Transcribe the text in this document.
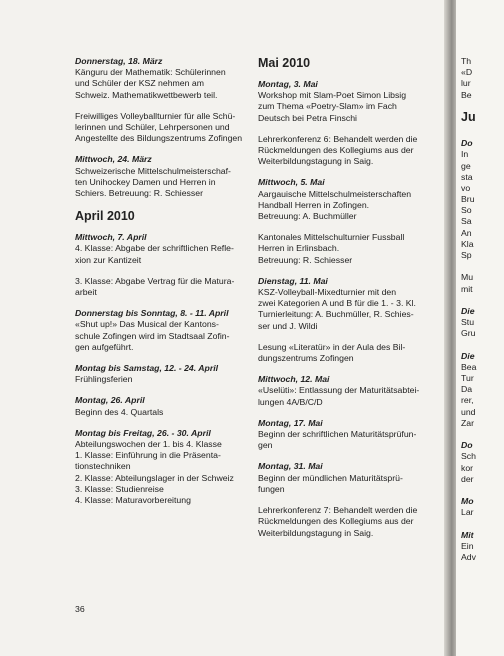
Th
«D
lur
Be
Ju
Do
In
ge
sta
vo
Bru
So
Sa
An
Kla
Sp
Mu
mit
Die
Stu
Gru
Die
Bea
Tur
Da
rer,
und
Zar
Do
Sch
kor
der
Mo
Lar
Mit
Ein
Adv
Donnerstag, 18. März
Känguru der Mathematik: Schülerinnen
und Schüler der KSZ nehmen am
Schweiz. Mathematikwettbewerb teil.
Freiwilliges Volleyballturnier für alle Schü-
lerinnen und Schüler, Lehrpersonen und
Angestellte des Bildungszentrums Zofingen
Mittwoch, 24. März
Schweizerische Mittelschulmeisterschaf-
ten Unihockey Damen und Herren in
Schiers. Betreuung: R. Schiesser
April 2010
Mittwoch, 7. April
4. Klasse: Abgabe der schriftlichen Refle-
xion zur Kantizeit
3. Klasse: Abgabe Vertrag für die Matura-
arbeit
Donnerstag bis Sonntag, 8. - 11. April
«Shut up!» Das Musical der Kantons-
schule Zofingen wird im Stadtsaal Zofin-
gen aufgeführt.
Montag bis Samstag, 12. - 24. April
Frühlingsferien
Montag, 26. April
Beginn des 4. Quartals
Montag bis Freitag, 26. - 30. April
Abteilungswochen der 1. bis 4. Klasse
1. Klasse: Einführung in die Präsenta-
tionstechniken
2. Klasse: Abteilungslager in der Schweiz
3. Klasse: Studienreise
4. Klasse: Maturavorbereitung
Mai 2010
Montag, 3. Mai
Workshop mit Slam-Poet Simon Libsig
zum Thema «Poetry-Slam» im Fach
Deutsch bei Petra Finschi
Lehrerkonferenz 6: Behandelt werden die
Rückmeldungen des Kollegiums aus der
Weiterbildungstagung in Saig.
Mittwoch, 5. Mai
Aargauische Mittelschulmeisterschaften
Handball Herren in Zofingen.
Betreuung: A. Buchmüller
Kantonales Mittelschulturnier Fussball
Herren in Erlinsbach.
Betreuung: R. Schiesser
Dienstag, 11. Mai
KSZ-Volleyball-Mixedturnier mit den
zwei Kategorien A und B für die 1. - 3. Kl.
Turnierleitung: A. Buchmüller, R. Schies-
ser und J. Wildi
Lesung «Literatür» in der Aula des Bil-
dungszentrums Zofingen
Mittwoch, 12. Mai
«Uselüti»: Entlassung der Maturitätsabtei-
lungen 4A/B/C/D
Montag, 17. Mai
Beginn der schriftlichen Maturitätsprüfun-
gen
Montag, 31. Mai
Beginn der mündlichen Maturitätsprü-
fungen
Lehrerkonferenz 7: Behandelt werden die
Rückmeldungen des Kollegiums aus der
Weiterbildungstagung in Saig.
36
